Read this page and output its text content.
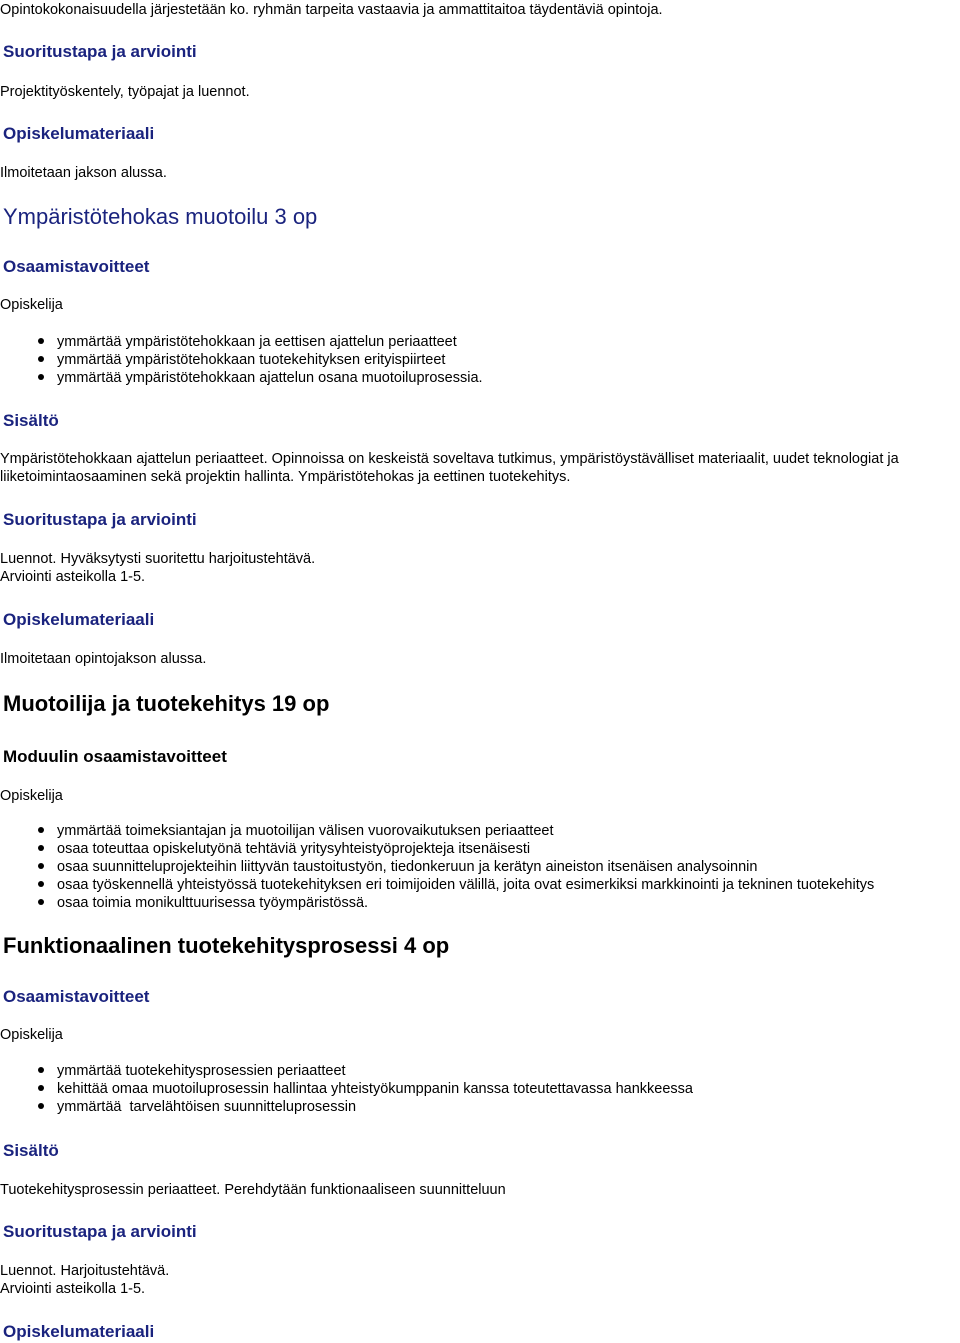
Opintokokonaisuudella järjestetään ko. ryhmän tarpeita vastaavia ja ammattitaitoa täydentäviä opintoja.

Suoritustapa ja arviointi

Projektityöskentely, työpajat ja luennot.

Opiskelumateriaali

Ilmoitetaan jakson alussa.

Ympäristötehokas muotoilu 3 op

Osaamistavoitteet

Opiskelija

ymmärtää ympäristötehokkaan ja eettisen ajattelun periaatteet
ymmärtää ympäristötehokkaan tuotekehityksen erityispiirteet
ymmärtää ympäristötehokkaan ajattelun osana muotoiluprosessia.

Sisältö

Ympäristötehokkaan ajattelun periaatteet. Opinnoissa on keskeistä soveltava tutkimus, ympäristöystävälliset materiaalit, uudet teknologiat ja

liiketoimintaosaaminen sekä projektin hallinta. Ympäristötehokas ja eettinen tuotekehitys.

Suoritustapa ja arviointi

Luennot. Hyväksytysti suoritettu harjoitustehtävä.

Arviointi asteikolla 1-5.

Opiskelumateriaali

Ilmoitetaan opintojakson alussa.

Muotoilija ja tuotekehitys 19 op

Moduulin osaamistavoitteet

Opiskelija

ymmärtää toimeksiantajan ja muotoilijan välisen vuorovaikutuksen periaatteet
osaa toteuttaa opiskelutyönä tehtäviä yritysyhteistyöprojekteja itsenäisesti
osaa suunnitteluprojekteihin liittyvän taustoitustyön, tiedonkeruun ja kerätyn aineiston itsenäisen analysoinnin
osaa työskennellä yhteistyössä tuotekehityksen eri toimijoiden välillä, joita ovat esimerkiksi markkinointi ja tekninen tuotekehitys
osaa toimia monikulttuurisessa työympäristössä.

Funktionaalinen tuotekehitysprosessi 4 op

Osaamistavoitteet

Opiskelija

ymmärtää tuotekehitysprosessien periaatteet
kehittää omaa muotoiluprosessin hallintaa yhteistyökumppanin kanssa toteutettavassa hankkeessa
ymmärtää  tarvelähtöisen suunnitteluprosessin

Sisältö

Tuotekehitysprosessin periaatteet. Perehdytään funktionaaliseen suunnitteluun

Suoritustapa ja arviointi

Luennot. Harjoitustehtävä.

Arviointi asteikolla 1-5.

Opiskelumateriaali
